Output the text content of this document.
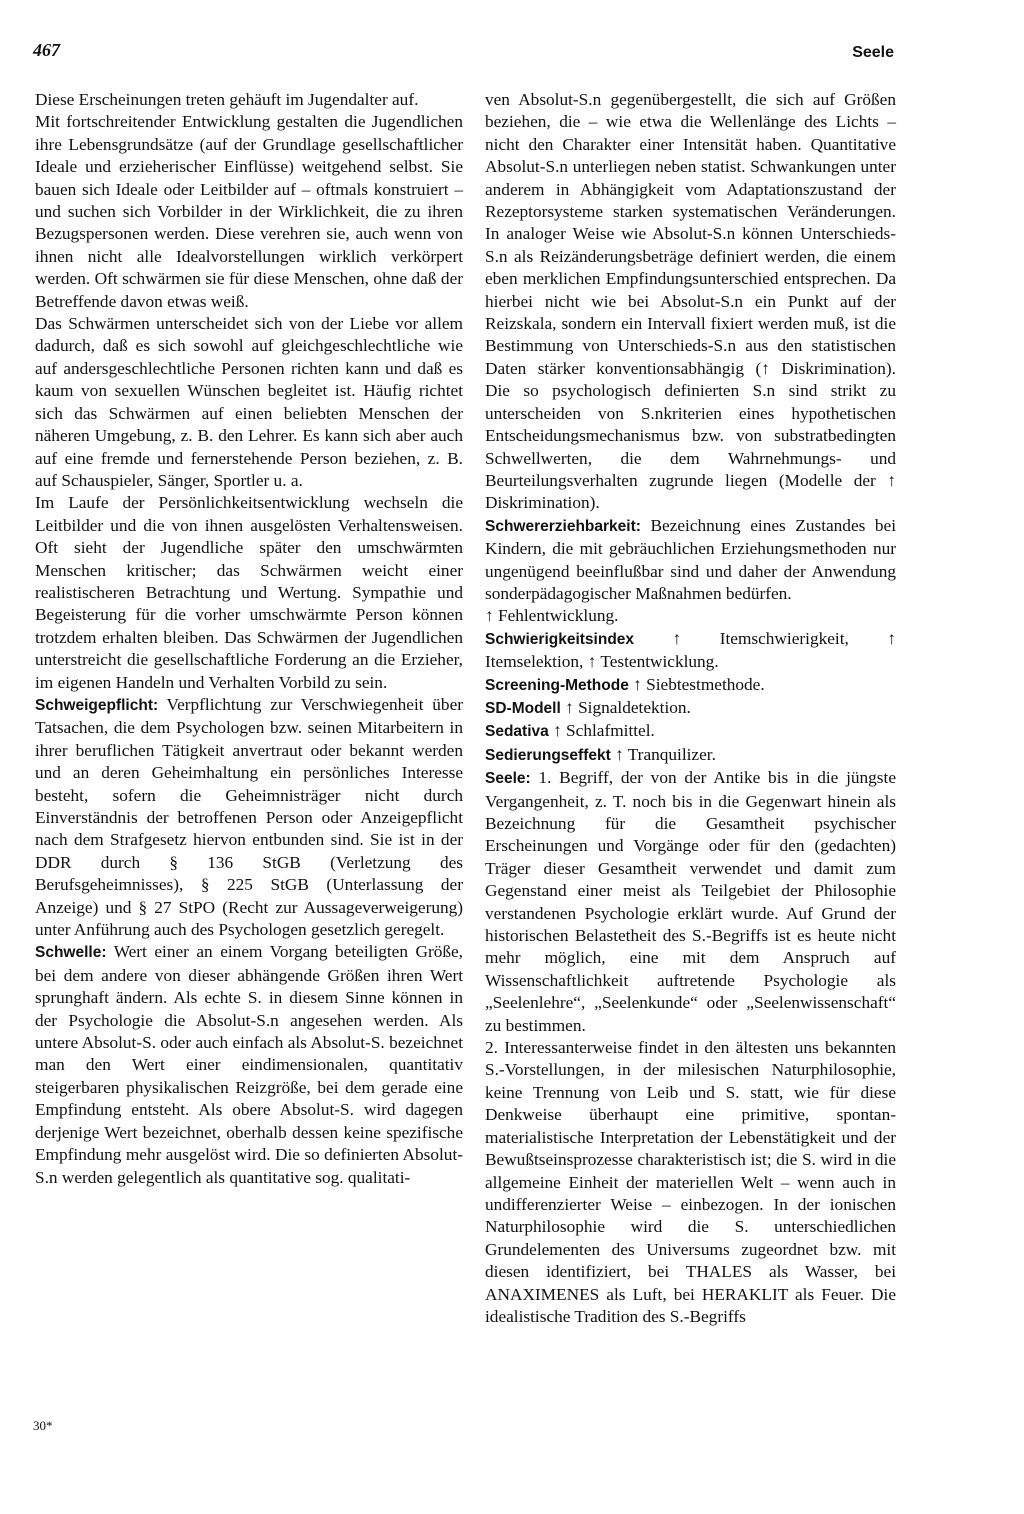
467	Seele

Diese Erscheinungen treten gehäuft im Jugendalter auf.

Mit fortschreitender Entwicklung gestalten die Jugendlichen ihre Lebensgrundsätze (auf der Grundlage gesellschaftlicher Ideale und erzieherischer Einflüsse) weitgehend selbst. Sie bauen sich Ideale oder Leitbilder auf – oftmals konstruiert – und suchen sich Vorbilder in der Wirklichkeit, die zu ihren Bezugspersonen werden. Diese verehren sie, auch wenn von ihnen nicht alle Idealvorstellungen wirklich verkörpert werden. Oft schwärmen sie für diese Menschen, ohne daß der Betreffende davon etwas weiß.

Das Schwärmen unterscheidet sich von der Liebe vor allem dadurch, daß es sich sowohl auf gleichgeschlechtliche wie auf andersgeschlechtliche Personen richten kann und daß es kaum von sexuellen Wünschen begleitet ist. Häufig richtet sich das Schwärmen auf einen beliebten Menschen der näheren Umgebung, z. B. den Lehrer. Es kann sich aber auch auf eine fremde und fernerstehende Person beziehen, z. B. auf Schauspieler, Sänger, Sportler u. a.

Im Laufe der Persönlichkeitsentwicklung wechseln die Leitbilder und die von ihnen ausgelösten Verhaltensweisen. Oft sieht der Jugendliche später den umschwärmten Menschen kritischer; das Schwärmen weicht einer realistischeren Betrachtung und Wertung. Sympathie und Begeisterung für die vorher umschwärmte Person können trotzdem erhalten bleiben. Das Schwärmen der Jugendlichen unterstreicht die gesellschaftliche Forderung an die Erzieher, im eigenen Handeln und Verhalten Vorbild zu sein.

Schweigepflicht: Verpflichtung zur Verschwiegenheit über Tatsachen, die dem Psychologen bzw. seinen Mitarbeitern in ihrer beruflichen Tätigkeit anvertraut oder bekannt werden und an deren Geheimhaltung ein persönliches Interesse besteht, sofern die Geheimnisträger nicht durch Einverständnis der betroffenen Person oder Anzeigepflicht nach dem Strafgesetz hiervon entbunden sind. Sie ist in der DDR durch § 136 StGB (Verletzung des Berufsgeheimnisses), § 225 StGB (Unterlassung der Anzeige) und § 27 StPO (Recht zur Aussageverweigerung) unter Anführung auch des Psychologen gesetzlich geregelt.

Schwelle: Wert einer an einem Vorgang beteiligten Größe, bei dem andere von dieser abhängende Größen ihren Wert sprunghaft ändern. Als echte S. in diesem Sinne können in der Psychologie die Absolut-S.n angesehen werden. Als untere Absolut-S. oder auch einfach als Absolut-S. bezeichnet man den Wert einer eindimensionalen, quantitativ steigerbaren physikalischen Reizgröße, bei dem gerade eine Empfindung entsteht. Als obere Absolut-S. wird dagegen derjenige Wert bezeichnet, oberhalb dessen keine spezifische Empfindung mehr ausgelöst wird. Die so definierten Absolut-S.n werden gelegentlich als quantitative sog. qualitati-

ven Absolut-S.n gegenübergestellt, die sich auf Größen beziehen, die – wie etwa die Wellenlänge des Lichts – nicht den Charakter einer Intensität haben. Quantitative Absolut-S.n unterliegen neben statist. Schwankungen unter anderem in Abhängigkeit vom Adaptationszustand der Rezeptorsysteme starken systematischen Veränderungen. In analoger Weise wie Absolut-S.n können Unterschieds-S.n als Reizänderungsbeträge definiert werden, die einem eben merklichen Empfindungsunterschied entsprechen. Da hierbei nicht wie bei Absolut-S.n ein Punkt auf der Reizskala, sondern ein Intervall fixiert werden muß, ist die Bestimmung von Unterschieds-S.n aus den statistischen Daten stärker konventionsabhängig (↑ Diskrimination). Die so psychologisch definierten S.n sind strikt zu unterscheiden von S.nkriterien eines hypothetischen Entscheidungsmechanismus bzw. von substratbedingten Schwellwerten, die dem Wahrnehmungs- und Beurteilungsverhalten zugrunde liegen (Modelle der ↑ Diskrimination).

Schwererziehbarkeit: Bezeichnung eines Zustandes bei Kindern, die mit gebräuchlichen Erziehungsmethoden nur ungenügend beeinflußbar sind und daher der Anwendung sonderpädagogischer Maßnahmen bedürfen.

↑ Fehlentwicklung.

Schwierigkeitsindex ↑ Itemschwierigkeit, ↑ Itemselektion, ↑ Testentwicklung.

Screening-Methode ↑ Siebtestmethode.

SD-Modell ↑ Signaldetektion.

Sedativa ↑ Schlafmittel.

Sedierungseffekt ↑ Tranquilizer.

Seele: 1. Begriff, der von der Antike bis in die jüngste Vergangenheit, z. T. noch bis in die Gegenwart hinein als Bezeichnung für die Gesamtheit psychischer Erscheinungen und Vorgänge oder für den (gedachten) Träger dieser Gesamtheit verwendet und damit zum Gegenstand einer meist als Teilgebiet der Philosophie verstandenen Psychologie erklärt wurde. Auf Grund der historischen Belastetheit des S.-Begriffs ist es heute nicht mehr möglich, eine mit dem Anspruch auf Wissenschaftlichkeit auftretende Psychologie als „Seelenlehre“, „Seelenkunde“ oder „Seelenwissenschaft“ zu bestimmen.

2. Interessanterweise findet in den ältesten uns bekannten S.-Vorstellungen, in der milesischen Naturphilosophie, keine Trennung von Leib und S. statt, wie für diese Denkweise überhaupt eine primitive, spontan-materialistische Interpretation der Lebenstätigkeit und der Bewußtseinsprozesse charakteristisch ist; die S. wird in die allgemeine Einheit der materiellen Welt – wenn auch in undifferenzierter Weise – einbezogen. In der ionischen Naturphilosophie wird die S. unterschiedlichen Grundelementen des Universums zugeordnet bzw. mit diesen identifiziert, bei THALES als Wasser, bei ANAXIMENES als Luft, bei HERAKLIT als Feuer. Die idealistische Tradition des S.-Begriffs

30*
